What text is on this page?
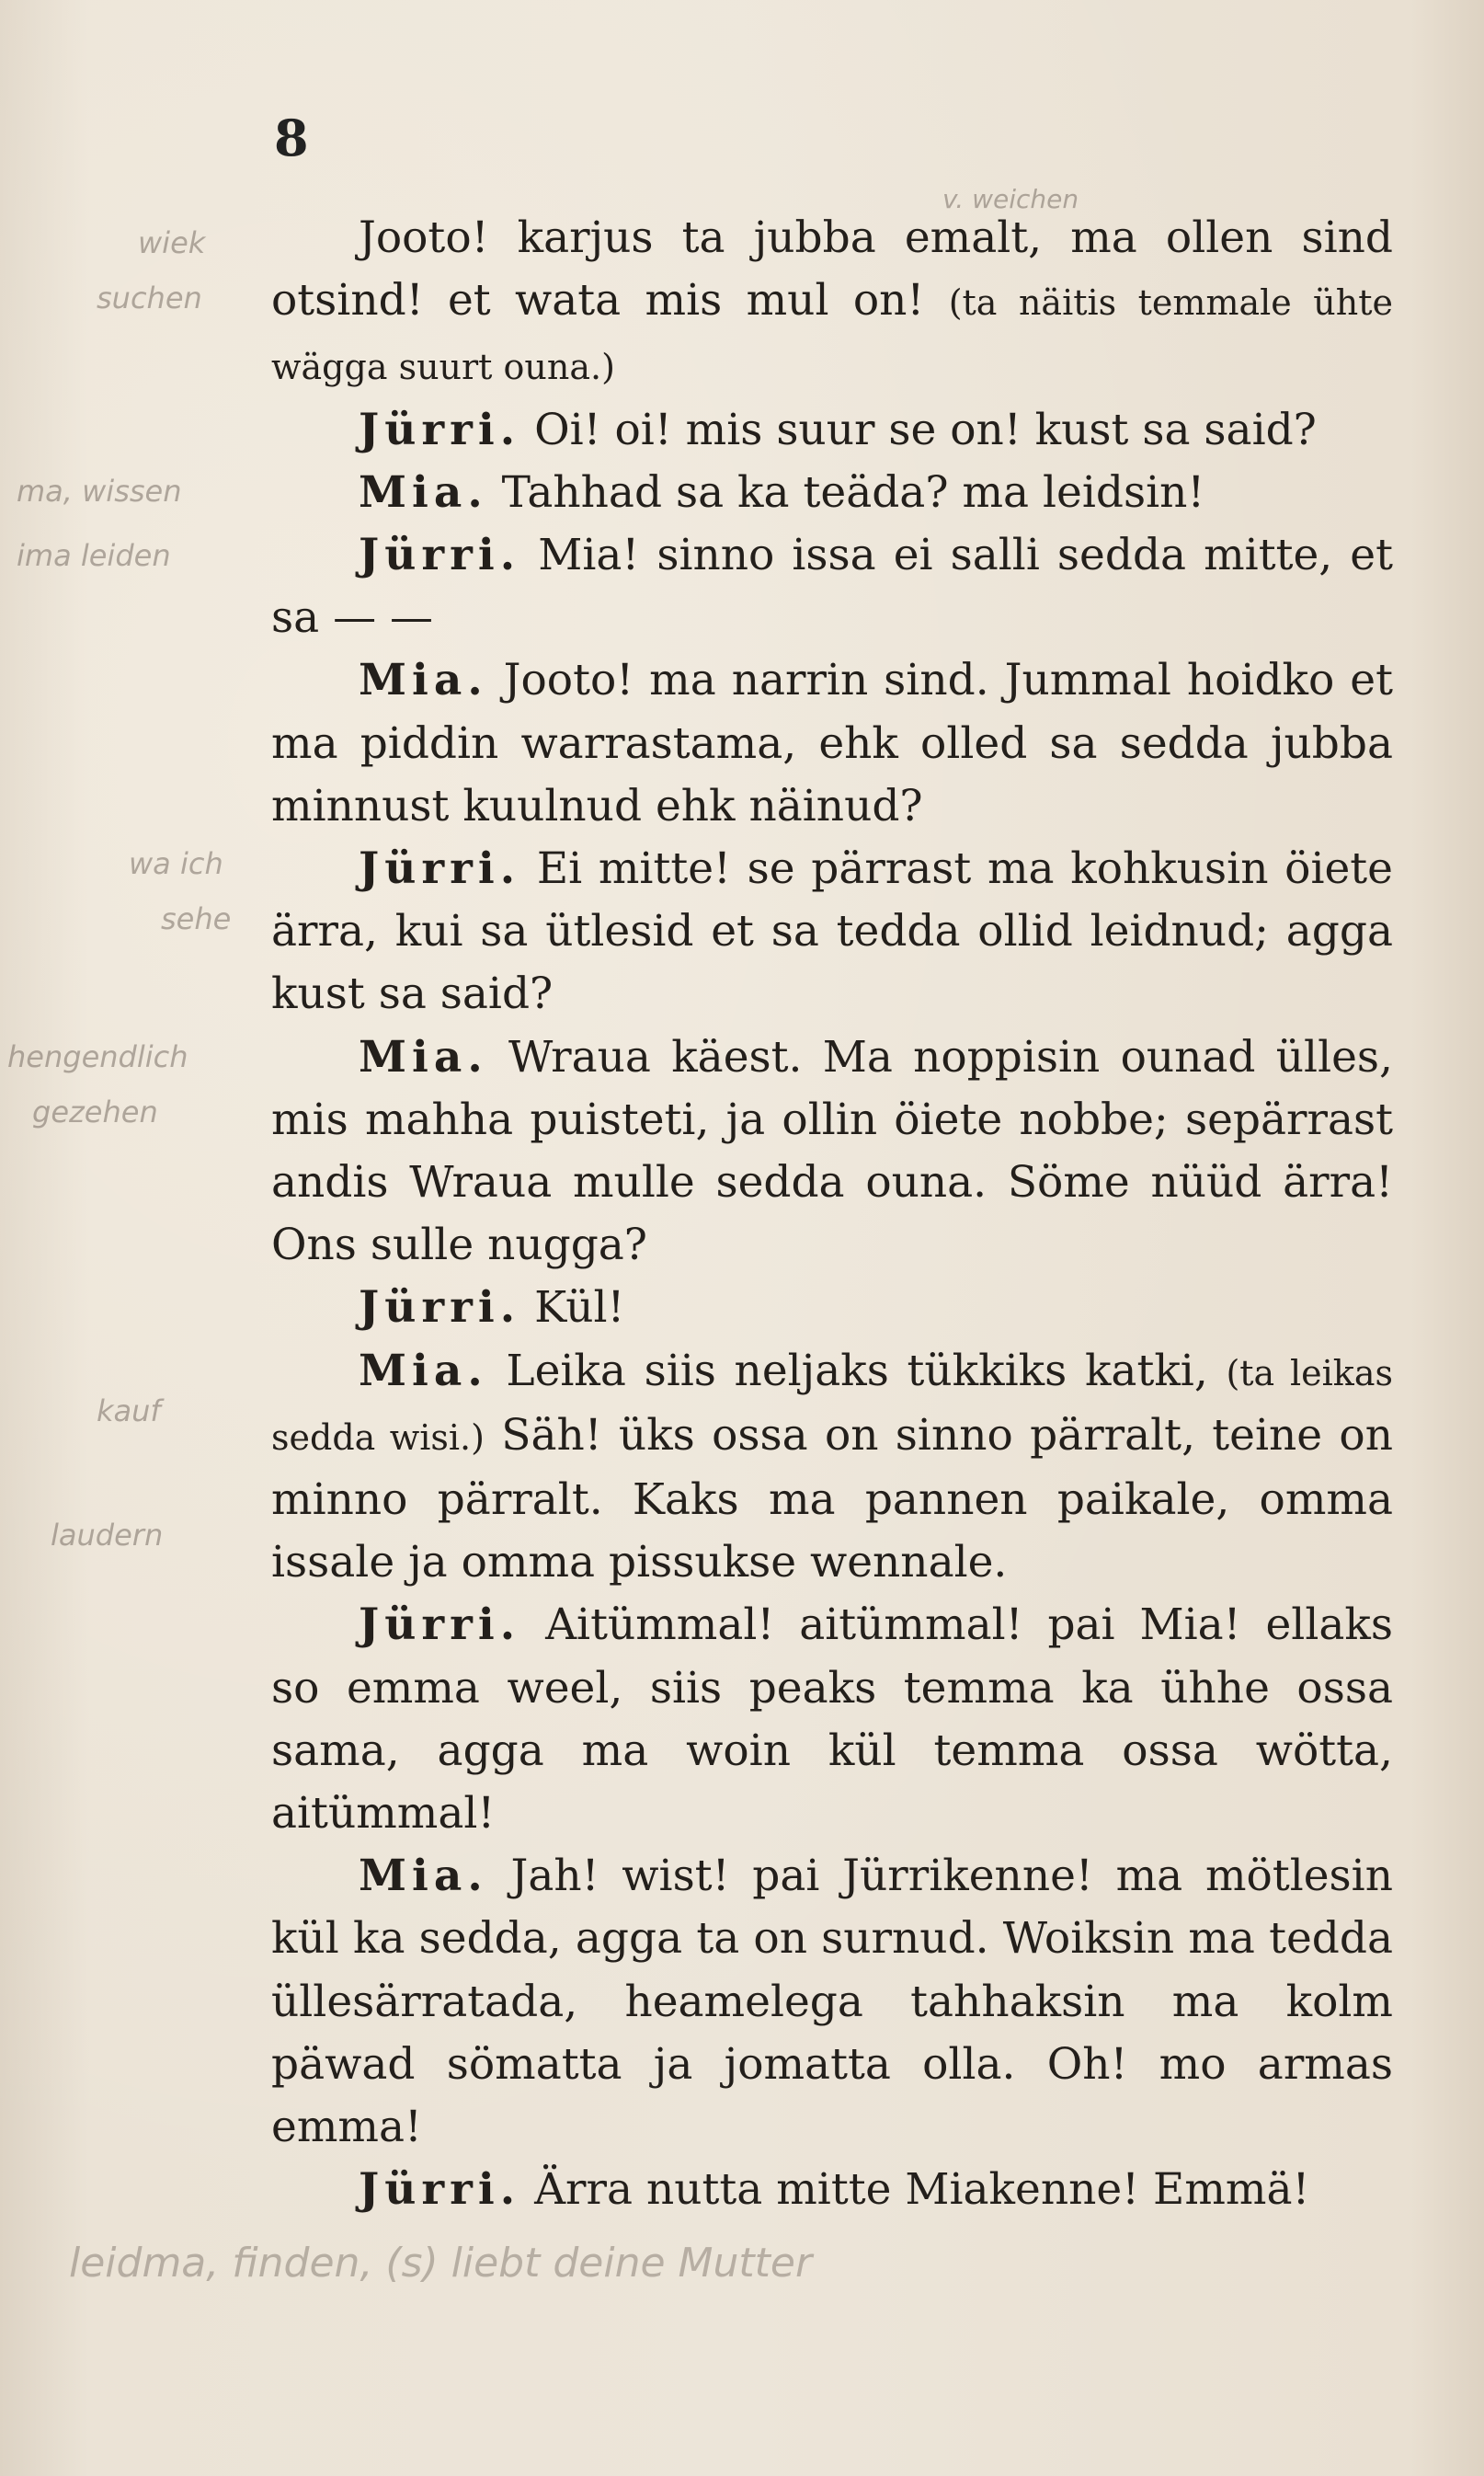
8
v. weichen
wiek
suchen
ma, wissen
ima leiden
wa ich
sehe
hengendlich
gezehen
kauf
laudern

Jooto! karjus ta jubba emalt, ma ollen sind otsind! et wata mis mul on! (ta näitis temmale ühte wägga suurt ouna.)

Jürri. Oi! oi! mis suur se on! kust sa said?

Mia. Tahhad sa ka teäda? ma leidsin!

Jürri. Mia! sinno issa ei salli sedda mitte, et sa — —

Mia. Jooto! ma narrin sind. Jummal hoidko et ma piddin warrastama, ehk olled sa sedda jubba minnust kuulnud ehk näinud?

Jürri. Ei mitte! se pärrast ma kohkusin öiete ärra, kui sa ütlesid et sa tedda ollid leidnud; agga kust sa said?

Mia. Wraua käest. Ma noppisin ounad ülles, mis mahha puisteti, ja ollin öiete nobbe; sepärrast andis Wraua mulle sedda ouna. Söme nüüd ärra! Ons sulle nugga?

Jürri. Kül!

Mia. Leika siis neljaks tükkiks katki, (ta leikas sedda wisi.) Säh! üks ossa on sinno pärralt, teine on minno pärralt. Kaks ma pannen paikale, omma issale ja omma pissukse wennale.

Jürri. Aitümmal! aitümmal! pai Mia! ellaks so emma weel, siis peaks temma ka ühhe ossa sama, agga ma woin kül temma ossa wötta, aitümmal!

Mia. Jah! wist! pai Jürrikenne! ma mötlesin kül ka sedda, agga ta on surnud. Woiksin ma tedda üllesärratada, heamelega tahhaksin ma kolm päwad sömatta ja jomatta olla. Oh! mo armas emma!

Jürri. Ärra nutta mitte Miakenne! Emmä!

leidma, finden, (s) liebt deine Mutter
